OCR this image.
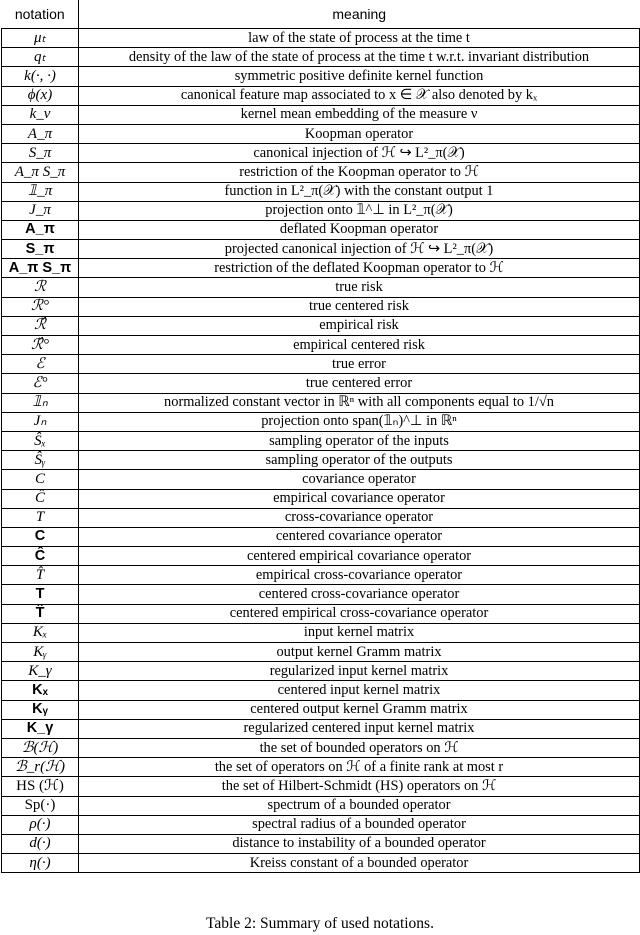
notation	meaning
μₜ	law of the state of process at the time t
qₜ	density of the law of the state of process at the time t w.r.t. invariant distribution
k(·, ·)	symmetric positive definite kernel function
ϕ(x)	canonical feature map associated to x ∈ 𝒳 also denoted by kₓ
k_ν	kernel mean embedding of the measure ν
A_π	Koopman operator
S_π	canonical injection of ℋ ↪ L²_π(𝒳)
A_π S_π	restriction of the Koopman operator to ℋ
𝟙_π	function in L²_π(𝒳) with the constant output 1
J_π	projection onto 𝟙^⊥ in L²_π(𝒳)
A_π	deflated Koopman operator
S_π	projected canonical injection of ℋ ↪ L²_π(𝒳)
A_π S_π	restriction of the deflated Koopman operator to ℋ
ℛ	true risk
ℛ°	true centered risk
ℛ̂	empirical risk
ℛ̂°	empirical centered risk
ℰ	true error
ℰ°	true centered error
𝟙ₙ	normalized constant vector in ℝⁿ with all components equal to 1/√n
Jₙ	projection onto span(𝟙ₙ)^⊥ in ℝⁿ
Ŝₓ	sampling operator of the inputs
Ŝᵧ	sampling operator of the outputs
C	covariance operator
Ĉ	empirical covariance operator
T	cross-covariance operator
C	centered covariance operator
Ĉ	centered empirical covariance operator
T̂	empirical cross-covariance operator
T	centered cross-covariance operator
T̂	centered empirical cross-covariance operator
Kₓ	input kernel matrix
Kᵧ	output kernel Gramm matrix
K_γ	regularized input kernel matrix
Kₓ	centered input kernel matrix
Kᵧ	centered output kernel Gramm matrix
K_γ	regularized centered input kernel matrix
ℬ(ℋ)	the set of bounded operators on ℋ
ℬ_r(ℋ)	the set of operators on ℋ of a finite rank at most r
HS (ℋ)	the set of Hilbert-Schmidt (HS) operators on ℋ
Sp(·)	spectrum of a bounded operator
ρ(·)	spectral radius of a bounded operator
d(·)	distance to instability of a bounded operator
η(·)	Kreiss constant of a bounded operator
Table 2: Summary of used notations.
